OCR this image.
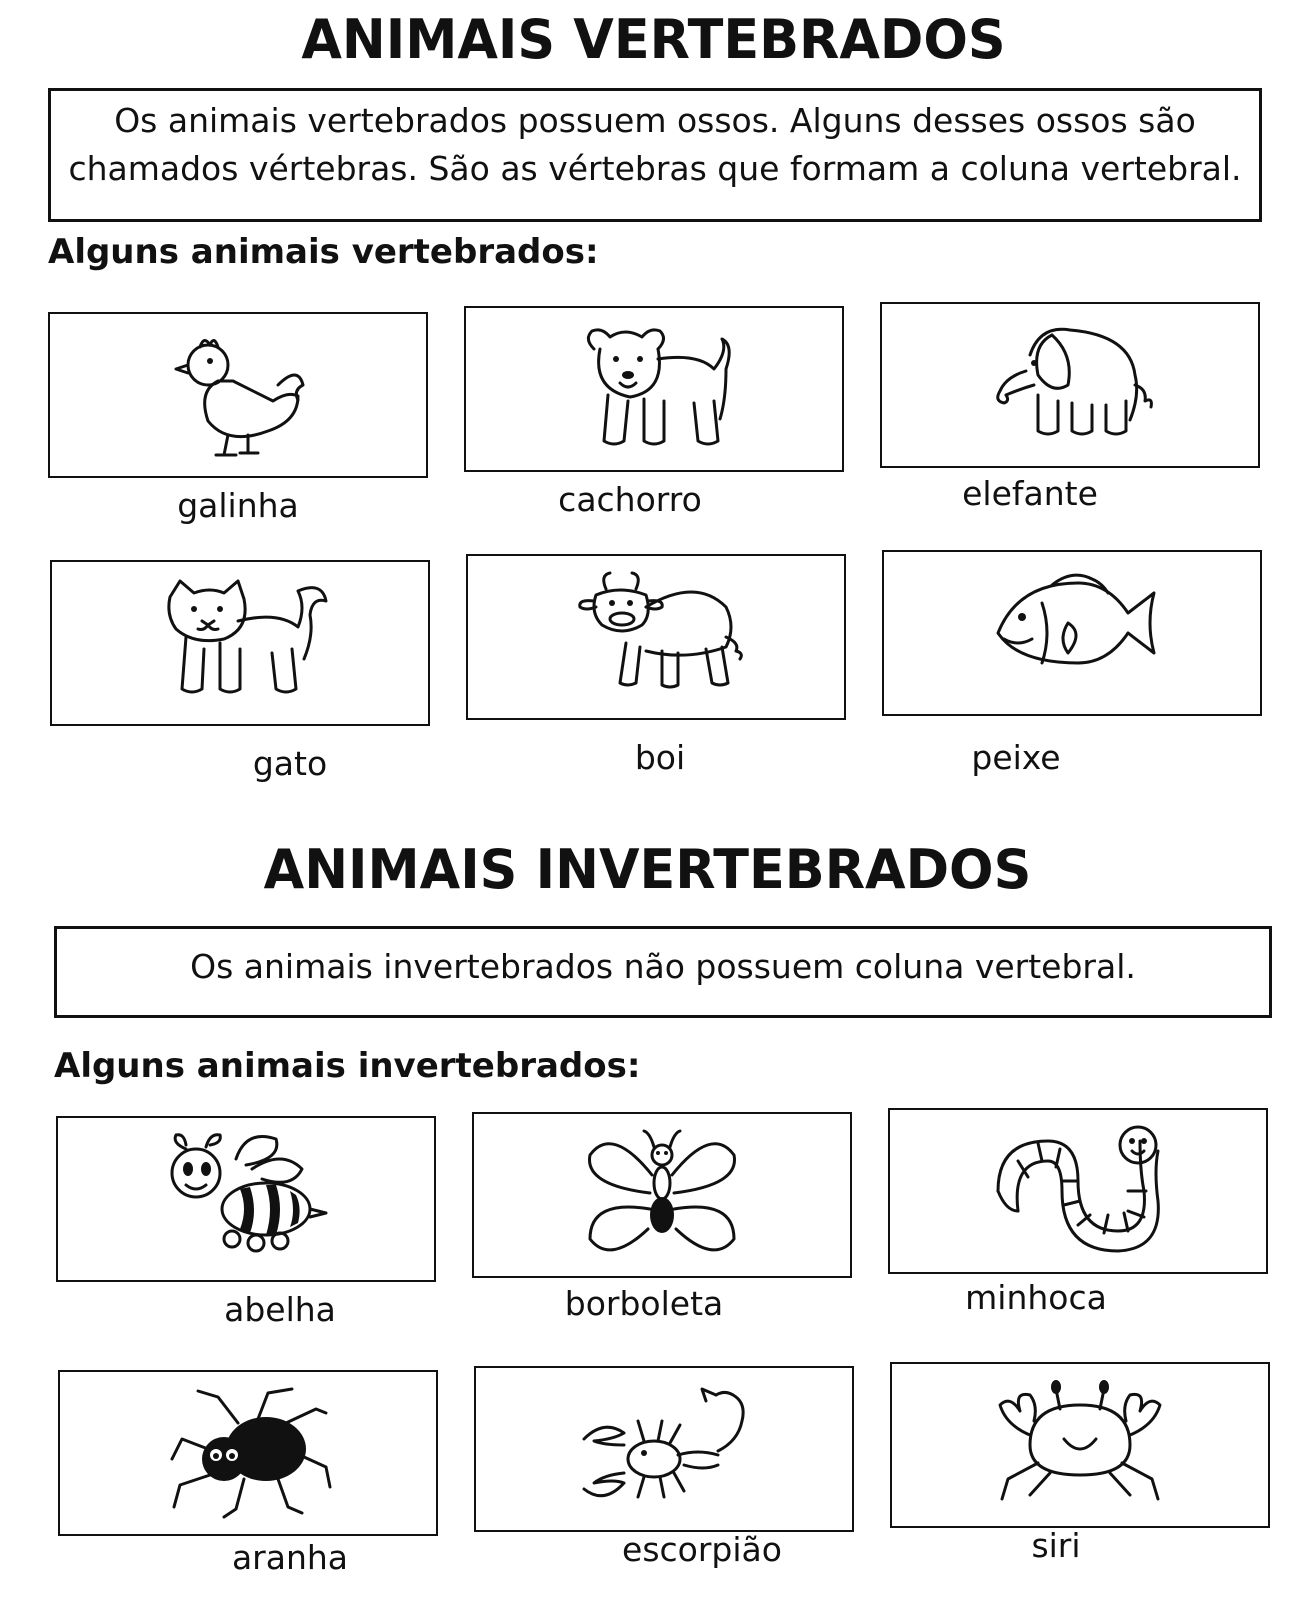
ANIMAIS VERTEBRADOS
Os animais vertebrados possuem ossos. Alguns desses ossos são chamados vértebras. São as vértebras que formam a coluna vertebral.
Alguns animais vertebrados:
galinha	cachorro	elefante
gato	boi	peixe
ANIMAIS INVERTEBRADOS
Os animais invertebrados não possuem coluna vertebral.
Alguns animais invertebrados:
abelha	borboleta	minhoca
aranha	escorpião	siri
